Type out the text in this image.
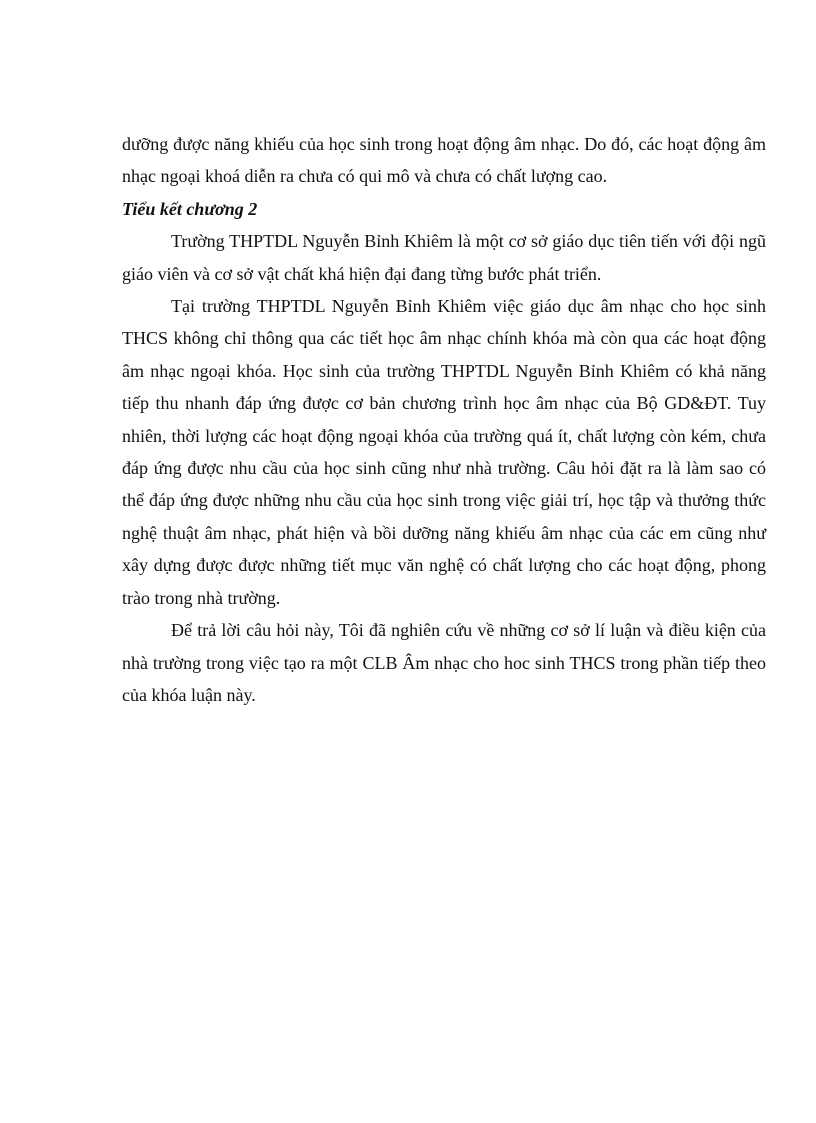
dưỡng được năng khiếu của học sinh trong hoạt động âm nhạc. Do đó, các hoạt động âm nhạc ngoại khoá diễn ra chưa có qui mô và chưa có chất lượng cao.

Tiểu kết chương 2

Trường THPTDL Nguyễn Bỉnh Khiêm là một cơ sở giáo dục tiên tiến với đội ngũ giáo viên và cơ sở vật chất khá hiện đại đang từng bước phát triển.

Tại trường THPTDL Nguyễn Bỉnh Khiêm việc giáo dục âm nhạc cho học sinh THCS không chỉ thông qua các tiết học âm nhạc chính khóa mà còn qua các hoạt động âm nhạc ngoại khóa. Học sinh của trường THPTDL Nguyễn Bỉnh Khiêm có khả năng tiếp thu nhanh đáp ứng được cơ bản chương trình học âm nhạc của Bộ GD&ĐT. Tuy nhiên, thời lượng các hoạt động ngoại khóa của trường quá ít, chất lượng còn kém, chưa đáp ứng được nhu cầu của học sinh cũng như nhà trường. Câu hỏi đặt ra là làm sao có thể đáp ứng được những nhu cầu của học sinh trong việc giải trí, học tập và thưởng thức nghệ thuật âm nhạc, phát hiện và bồi dưỡng năng khiếu âm nhạc của các em cũng như xây dựng được được những tiết mục văn nghệ có chất lượng cho các hoạt động, phong trào trong nhà trường.

Để trả lời câu hỏi này, Tôi đã nghiên cứu về những cơ sở lí luận và điều kiện của nhà trường trong việc tạo ra một CLB Âm nhạc cho hoc sinh THCS trong phần tiếp theo của khóa luận này.
